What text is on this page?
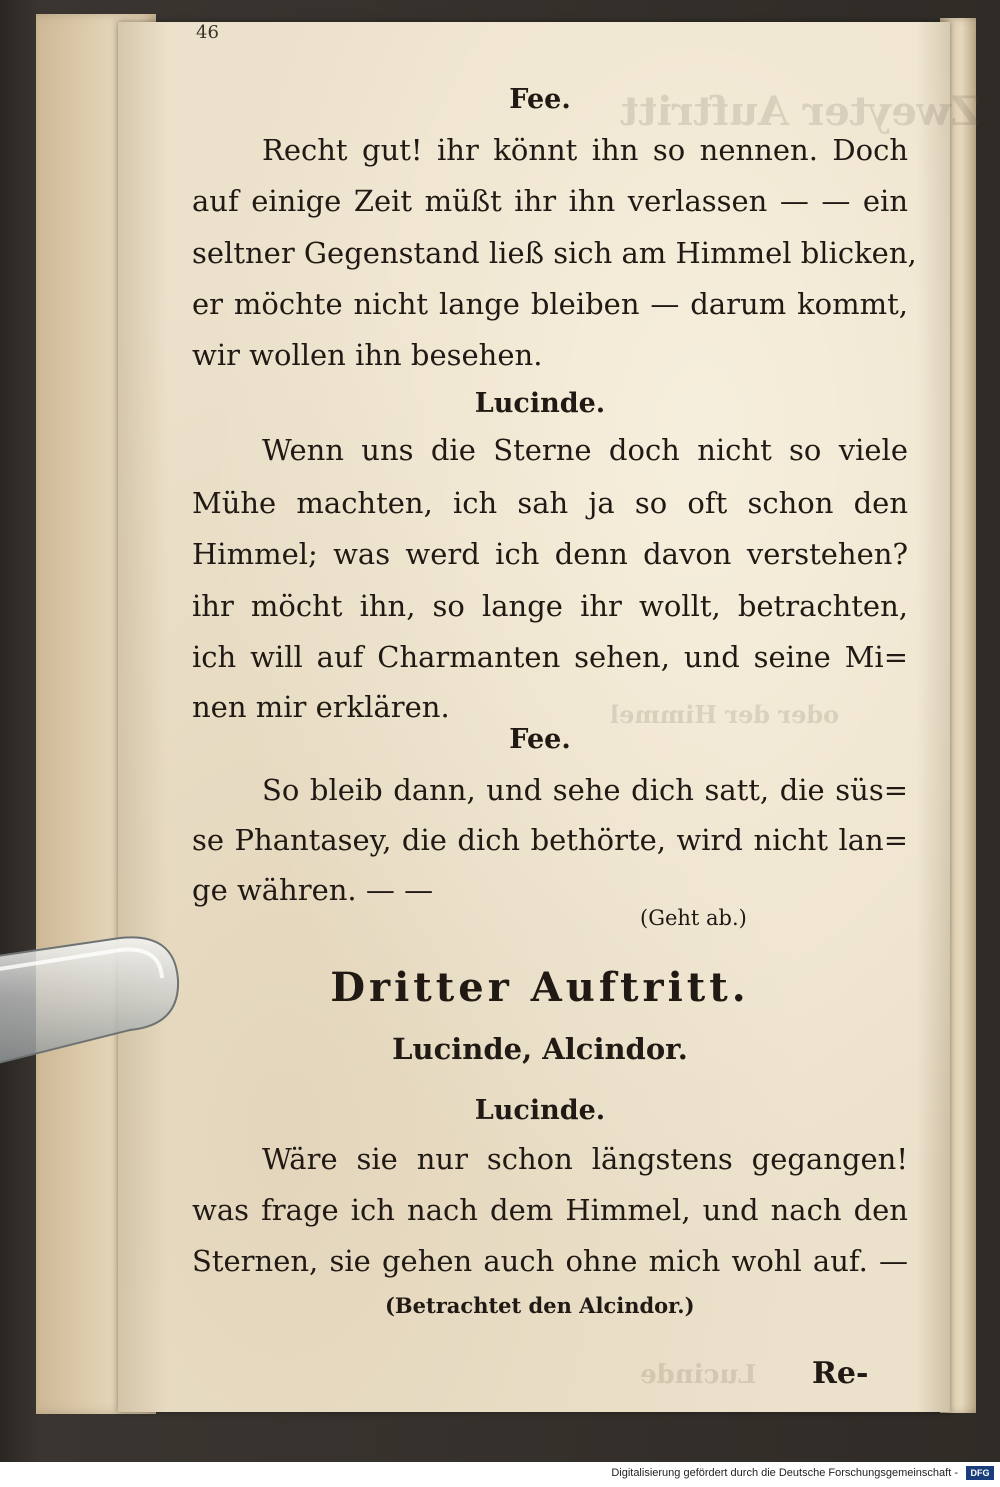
46
Fee.
Recht gut! ihr könnt ihn so nennen. Doch
auf einige Zeit müßt ihr ihn verlassen — — ein
seltner Gegenstand ließ sich am Himmel blicken,
er möchte nicht lange bleiben — darum kommt,
wir wollen ihn besehen.
Lucinde.
Wenn uns die Sterne doch nicht so viele
Mühe machten, ich sah ja so oft schon den
Himmel; was werd ich denn davon verstehen?
ihr möcht ihn, so lange ihr wollt, betrachten,
ich will auf Charmanten sehen, und seine Mi=
nen mir erklären.
Fee.
So bleib dann, und sehe dich satt, die süs=
se Phantasey, die dich bethörte, wird nicht lan=
ge währen. — —
(Geht ab.)
Dritter Auftritt.
Lucinde, Alcindor.
Lucinde.
Wäre sie nur schon längstens gegangen!
was frage ich nach dem Himmel, und nach den
Sternen, sie gehen auch ohne mich wohl auf. —
(Betrachtet den Alcindor.)
Re-
Digitalisierung gefördert durch die Deutsche Forschungsgemeinschaft -	DFG
